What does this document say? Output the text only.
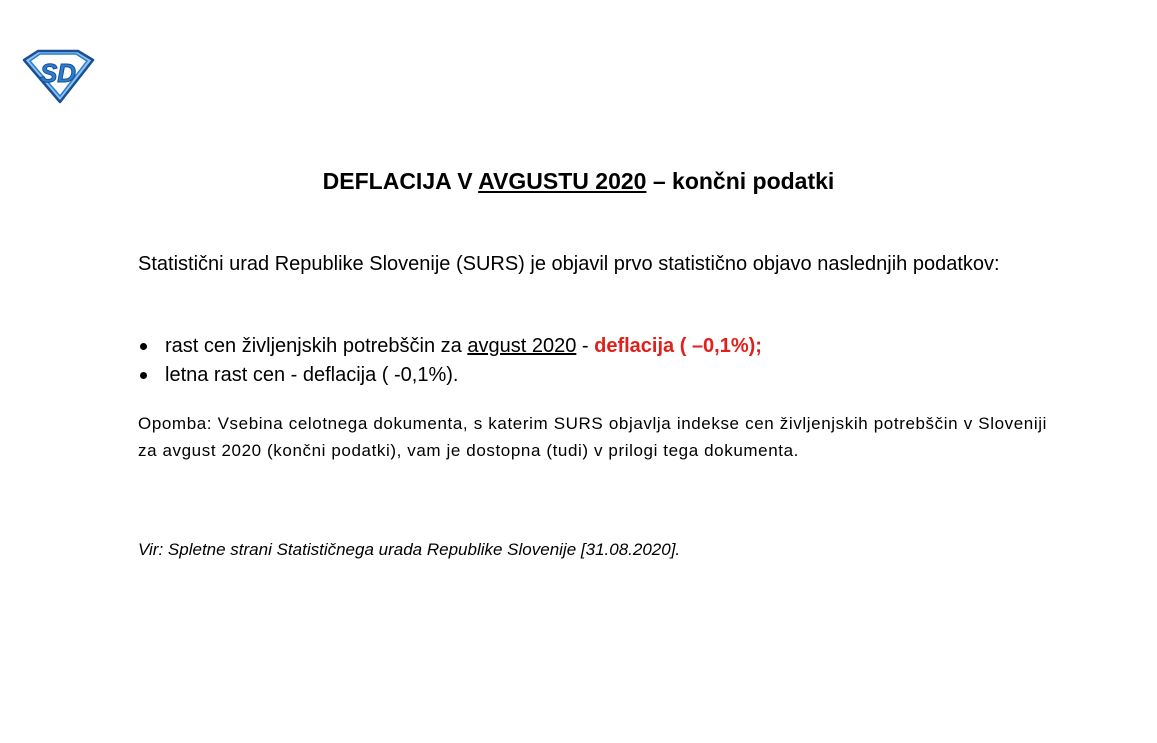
SD
DEFLACIJA V AVGUSTU 2020 – končni podatki
Statistični urad Republike Slovenije (SURS) je objavil prvo statistično objavo naslednjih podatkov:
rast cen življenjskih potrebščin za avgust 2020 - deflacija ( –0,1%);
letna rast cen - deflacija ( -0,1%).
Opomba: Vsebina celotnega dokumenta, s katerim SURS objavlja indekse cen življenjskih potrebščin v Sloveniji za avgust 2020 (končni podatki), vam je dostopna (tudi) v prilogi tega dokumenta.
Vir: Spletne strani Statističnega urada Republike Slovenije [31.08.2020].
